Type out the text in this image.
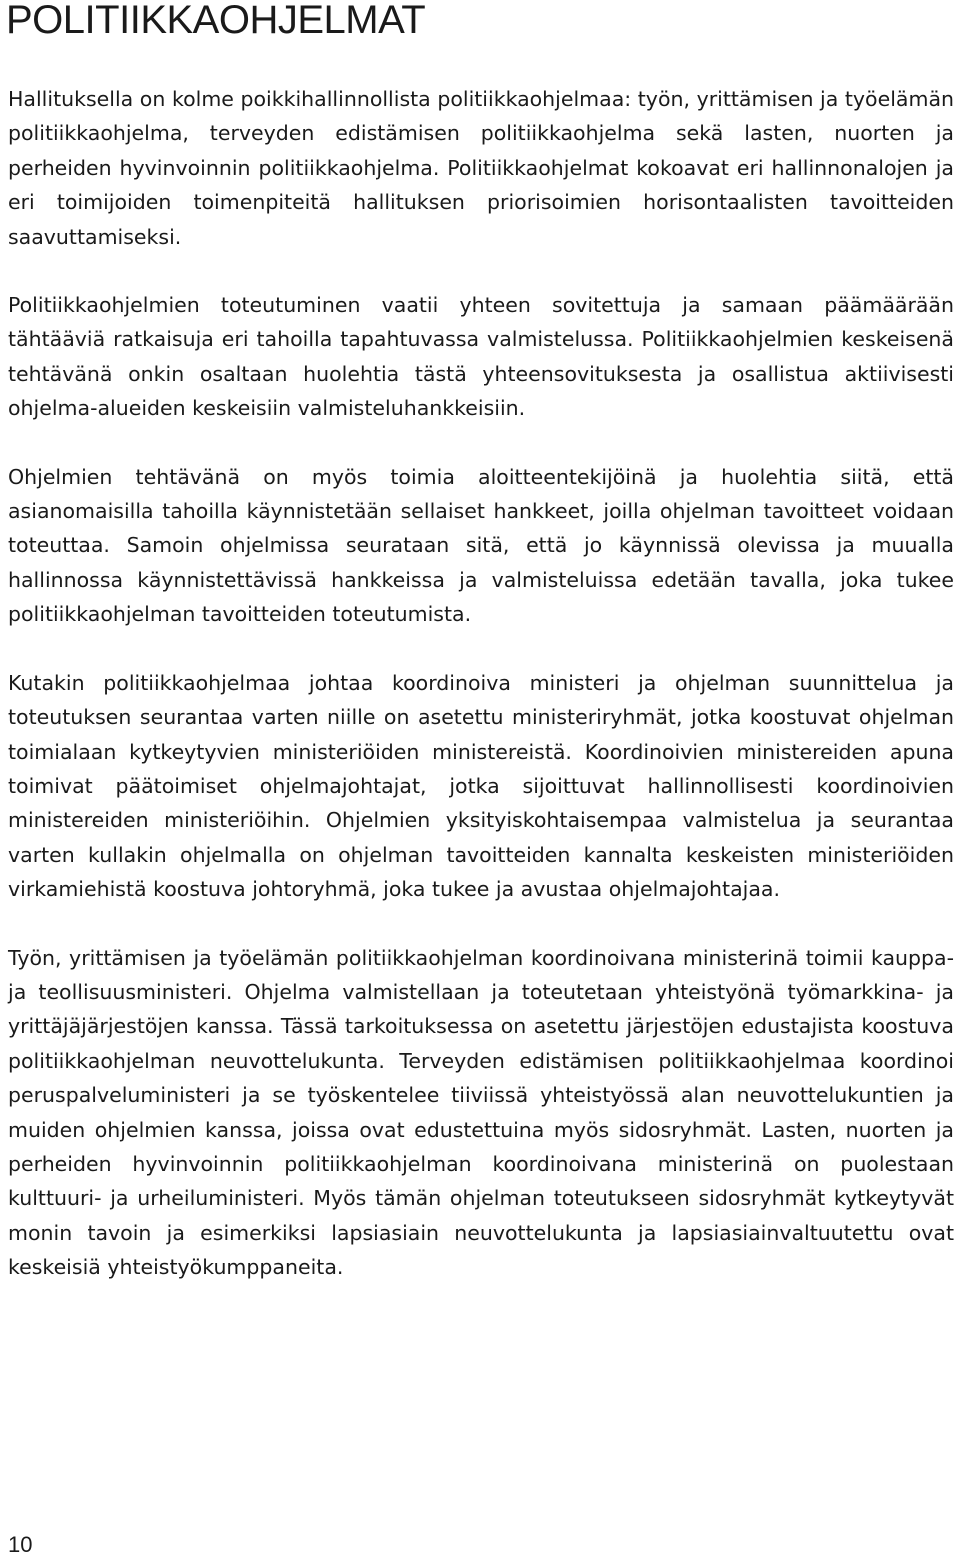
POLITIIKKAOHJELMAT

Hallituksella on kolme poikkihallinnollista politiikkaohjelmaa: työn, yrittämisen ja työelämän politiikkaohjelma, terveyden edistämisen politiikkaohjelma sekä lasten, nuorten ja perheiden hyvinvoinnin politiikkaohjelma. Politiikkaohjelmat kokoavat eri hallinnonalojen ja eri toimijoiden toimenpiteitä hallituksen priorisoimien horisontaalisten tavoitteiden saavuttamiseksi.

Politiikkaohjelmien toteutuminen vaatii yhteen sovitettuja ja samaan päämäärään tähtääviä ratkaisuja eri tahoilla tapahtuvassa valmistelussa. Politiikkaohjelmien keskeisenä tehtävänä onkin osaltaan huolehtia tästä yhteensovituksesta ja osallistua aktiivisesti ohjelma-alueiden keskeisiin valmisteluhankkeisiin.

Ohjelmien tehtävänä on myös toimia aloitteentekijöinä ja huolehtia siitä, että asianomaisilla tahoilla käynnistetään sellaiset hankkeet, joilla ohjelman tavoitteet voidaan toteuttaa. Samoin ohjelmissa seurataan sitä, että jo käynnissä olevissa ja muualla hallinnossa käynnistettävissä hankkeissa ja valmisteluissa edetään tavalla, joka tukee politiikkaohjelman tavoitteiden toteutumista.

Kutakin politiikkaohjelmaa johtaa koordinoiva ministeri ja ohjelman suunnittelua ja toteutuksen seurantaa varten niille on asetettu ministeriryhmät, jotka koostuvat ohjelman toimialaan kytkeytyvien ministeriöiden ministereistä. Koordinoivien ministereiden apuna toimivat päätoimiset ohjelmajohtajat, jotka sijoittuvat hallinnollisesti koordinoivien ministereiden ministeriöihin. Ohjelmien yksityiskohtaisempaa valmistelua ja seurantaa varten kullakin ohjelmalla on ohjelman tavoitteiden kannalta keskeisten ministeriöiden virkamiehistä koostuva johtoryhmä, joka tukee ja avustaa ohjelmajohtajaa.

Työn, yrittämisen ja työelämän politiikkaohjelman koordinoivana ministerinä toimii kauppa- ja teollisuusministeri. Ohjelma valmistellaan ja toteutetaan yhteistyönä työmarkkina- ja yrittäjäjärjestöjen kanssa. Tässä tarkoituksessa on asetettu järjestöjen edustajista koostuva politiikkaohjelman neuvottelukunta. Terveyden edistämisen politiikkaohjelmaa koordinoi peruspalveluministeri ja se työskentelee tiiviissä yhteistyössä alan neuvottelukuntien ja muiden ohjelmien kanssa, joissa ovat edustettuina myös sidosryhmät. Lasten, nuorten ja perheiden hyvinvoinnin politiikkaohjelman koordinoivana ministerinä on puolestaan kulttuuri- ja urheiluministeri. Myös tämän ohjelman toteutukseen sidosryhmät kytkeytyvät monin tavoin ja esimerkiksi lapsiasiain neuvottelukunta ja lapsiasiainvaltuutettu ovat keskeisiä yhteistyökumppaneita.

10
